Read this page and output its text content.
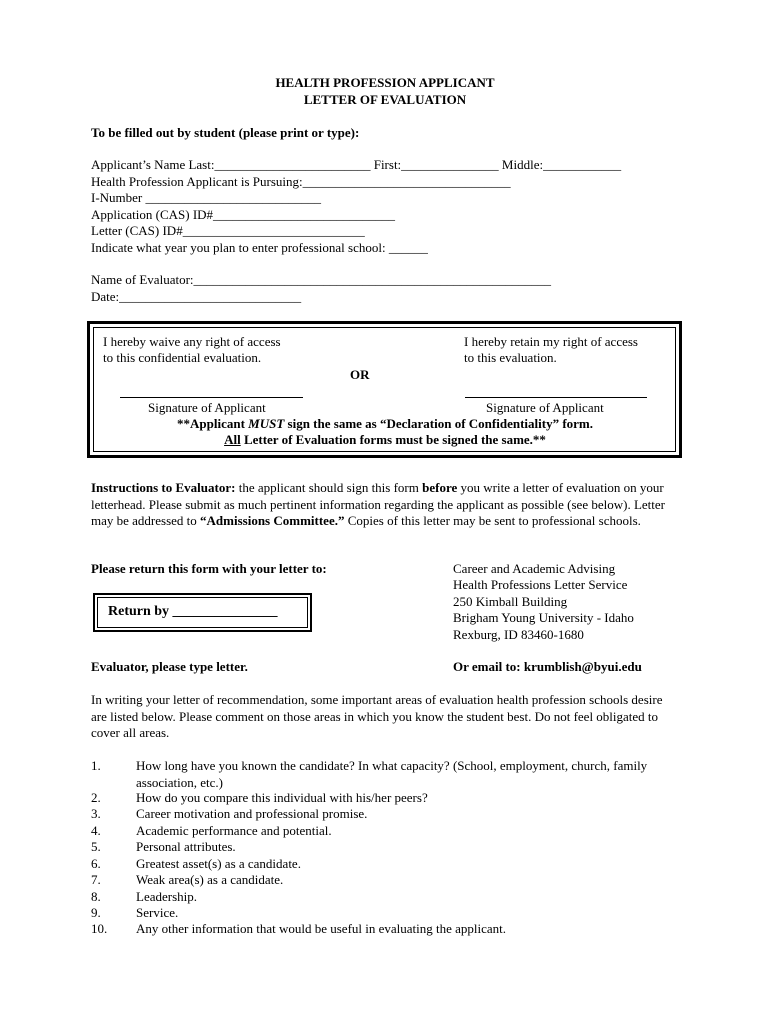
HEALTH PROFESSION APPLICANT
LETTER OF EVALUATION
To be filled out by student (please print or type):
Applicant’s Name Last:________________________ First:_______________ Middle:____________
Health Profession Applicant is Pursuing:________________________________
I-Number ___________________________
Application (CAS) ID#____________________________
Letter (CAS) ID#____________________________
Indicate what year you plan to enter professional school: ______
Name of Evaluator:_______________________________________________________
Date:____________________________
I hereby waive any right of access
to this confidential evaluation.
I hereby retain my right of access
to this evaluation.
OR
Signature of Applicant	Signature of Applicant
**Applicant MUST sign the same as “Declaration of Confidentiality” form.
All Letter of Evaluation forms must be signed the same.**
Instructions to Evaluator: the applicant should sign this form before you write a letter of evaluation on your letterhead. Please submit as much pertinent information regarding the applicant as possible (see below). Letter may be addressed to “Admissions Committee.” Copies of this letter may be sent to professional schools.
Please return this form with your letter to:
Return by _______________
Career and Academic Advising
Health Professions Letter Service
250 Kimball Building
Brigham Young University - Idaho
Rexburg, ID 83460-1680
Evaluator, please type letter.	Or email to: krumblish@byui.edu
In writing your letter of recommendation, some important areas of evaluation health profession schools desire are listed below. Please comment on those areas in which you know the student best. Do not feel obligated to cover all areas.
1.	How long have you known the candidate? In what capacity? (School, employment, church, family association, etc.)
2.	How do you compare this individual with his/her peers?
3.	Career motivation and professional promise.
4.	Academic performance and potential.
5.	Personal attributes.
6.	Greatest asset(s) as a candidate.
7.	Weak area(s) as a candidate.
8.	Leadership.
9.	Service.
10.	Any other information that would be useful in evaluating the applicant.
